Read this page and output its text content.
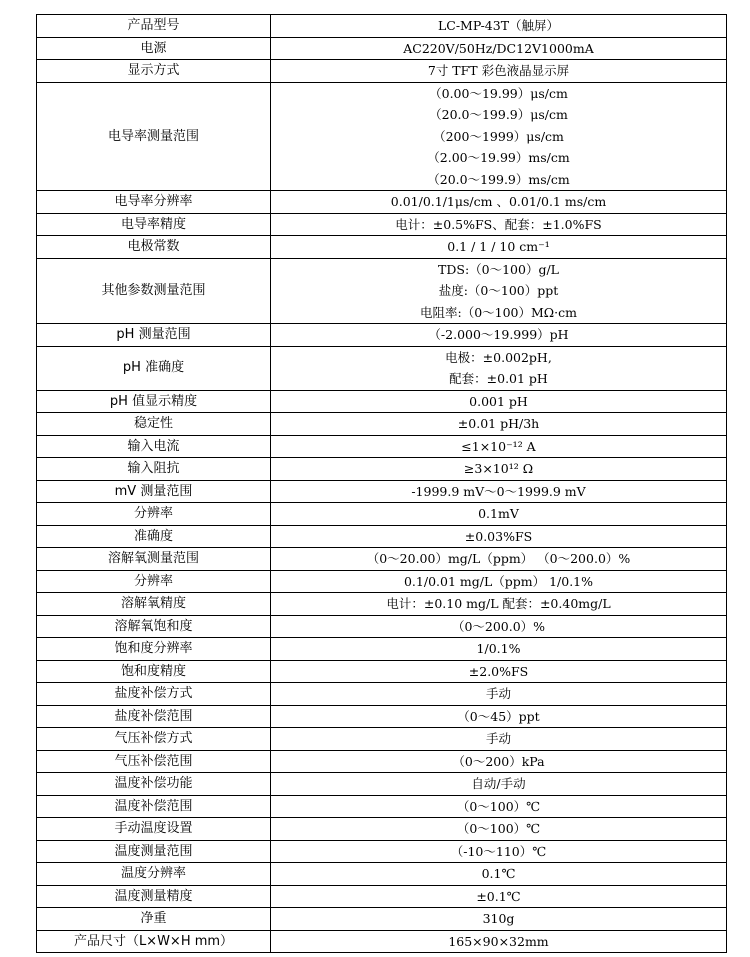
产品型号	LC-MP-43T（触屏）

电源	AC220V/50Hz/DC12V1000mA

显示方式	7寸 TFT 彩色液晶显示屏

电导率测量范围	（0.00～19.99）μs/cm
（20.0～199.9）μs/cm
（200～1999）μs/cm
（2.00～19.99）ms/cm
（20.0～199.9）ms/cm

电导率分辨率	0.01/0.1/1μs/cm 、0.01/0.1 ms/cm

电导率精度	电计：±0.5%FS、配套：±1.0%FS

电极常数	0.1 / 1 / 10 cm⁻¹

其他参数测量范围	TDS:（0～100）g/L
盐度:（0～100）ppt
电阻率:（0～100）MΩ·cm

pH 测量范围	（-2.000～19.999）pH

pH 准确度	电极：±0.002pH,
配套：±0.01 pH

pH 值显示精度	0.001 pH

稳定性	±0.01 pH/3h

输入电流	≤1×10⁻¹² A

输入阻抗	≥3×10¹² Ω

mV 测量范围	-1999.9 mV～0～1999.9 mV

分辨率	0.1mV

准确度	±0.03%FS

溶解氧测量范围	（0～20.00）mg/L（ppm） （0～200.0）%

分辨率	0.1/0.01 mg/L（ppm） 1/0.1%

溶解氧精度	电计：±0.10 mg/L 配套：±0.40mg/L

溶解氧饱和度	（0～200.0）%

饱和度分辨率	1/0.1%

饱和度精度	±2.0%FS

盐度补偿方式	手动

盐度补偿范围	（0～45）ppt

气压补偿方式	手动

气压补偿范围	（0～200）kPa

温度补偿功能	自动/手动

温度补偿范围	（0～100）℃

手动温度设置	（0～100）℃

温度测量范围	（-10～110）℃

温度分辨率	0.1℃

温度测量精度	±0.1℃

净重	310g

产品尺寸（L×W×H mm）	165×90×32mm
